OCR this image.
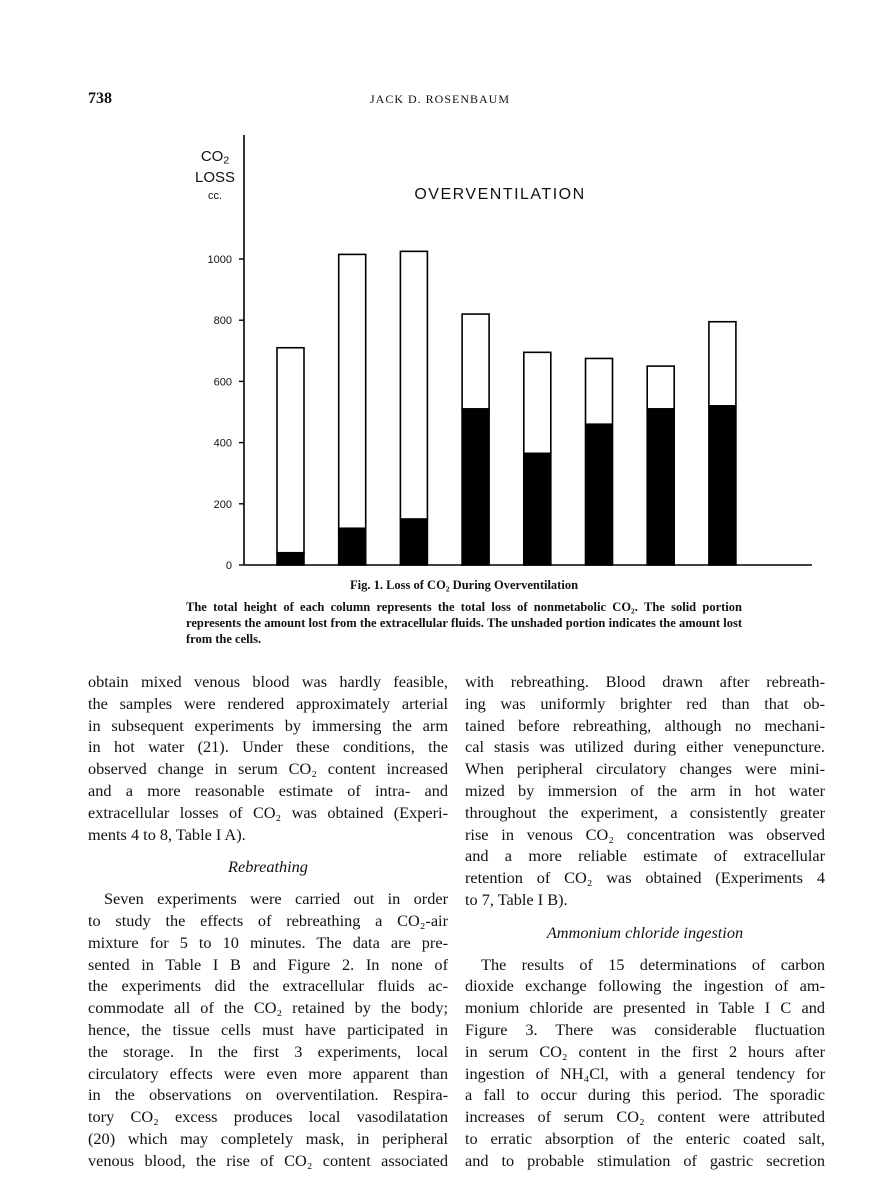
738	JACK D. ROSENBAUM
$CO_2$
LOSS
cc.	OVERVENTILATION
0
200
400
600
800
1000
Fig. 1. Loss of CO₂ During Overventilation
The total height of each column represents the total loss of nonmetabolic CO₂. The solid portion represents the amount lost from the extracellular fluids. The unshaded portion indicates the amount lost from the cells.
obtain mixed venous blood was hardly feasible,
the samples were rendered approximately arterial
in subsequent experiments by immersing the arm
in hot water (21). Under these conditions, the
observed change in serum CO₂ content increased
and a more reasonable estimate of intra- and
extracellular losses of CO₂ was obtained (Experi-
ments 4 to 8, Table I A).
Rebreathing
Seven experiments were carried out in order
to study the effects of rebreathing a CO₂-air
mixture for 5 to 10 minutes. The data are pre-
sented in Table I B and Figure 2. In none of
the experiments did the extracellular fluids ac-
commodate all of the CO₂ retained by the body;
hence, the tissue cells must have participated in
the storage. In the first 3 experiments, local
circulatory effects were even more apparent than
in the observations on overventilation. Respira-
tory CO₂ excess produces local vasodilatation
(20) which may completely mask, in peripheral
venous blood, the rise of CO₂ content associated
with rebreathing. Blood drawn after rebreath-
ing was uniformly brighter red than that ob-
tained before rebreathing, although no mechani-
cal stasis was utilized during either venepuncture.
When peripheral circulatory changes were mini-
mized by immersion of the arm in hot water
throughout the experiment, a consistently greater
rise in venous CO₂ concentration was observed
and a more reliable estimate of extracellular
retention of CO₂ was obtained (Experiments 4
to 7, Table I B).
Ammonium chloride ingestion
The results of 15 determinations of carbon
dioxide exchange following the ingestion of am-
monium chloride are presented in Table I C and
Figure 3. There was considerable fluctuation
in serum CO₂ content in the first 2 hours after
ingestion of NH₄Cl, with a general tendency for
a fall to occur during this period. The sporadic
increases of serum CO₂ content were attributed
to erratic absorption of the enteric coated salt,
and to probable stimulation of gastric secretion
